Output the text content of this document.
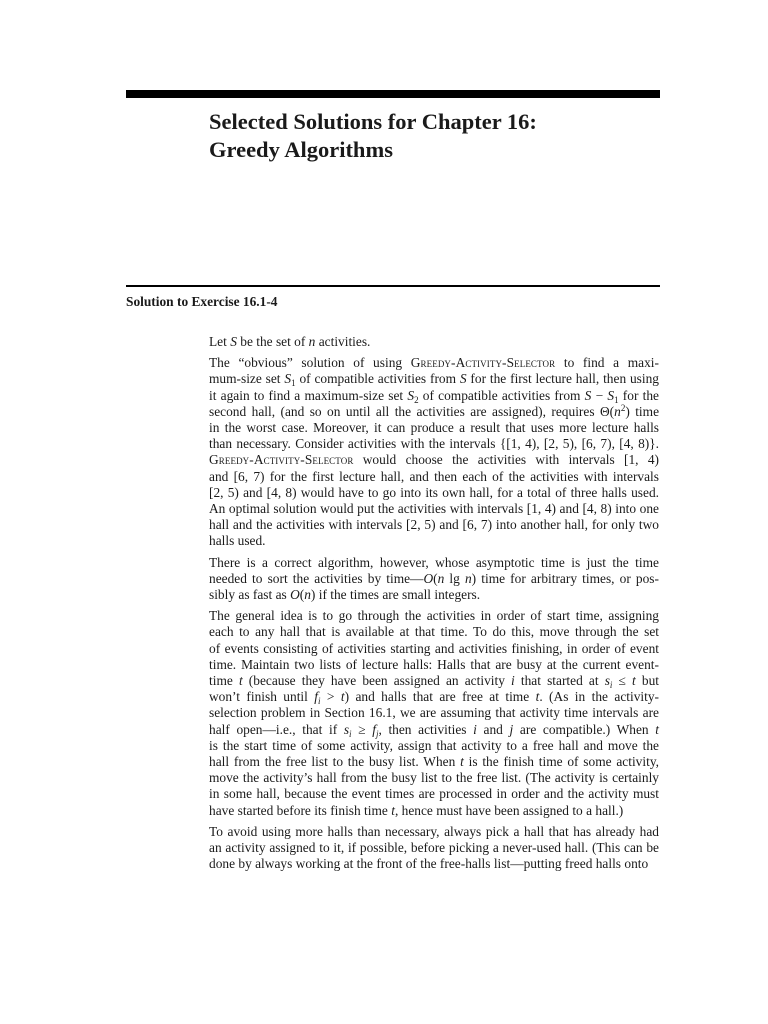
Selected Solutions for Chapter 16:
Greedy Algorithms
Solution to Exercise 16.1-4

Let S be the set of n activities.

The “obvious” solution of using Greedy-Activity-Selector to find a maxi-
mum-size set $S_1$ of compatible activities from S for the first lecture hall, then using
it again to find a maximum-size set $S_2$ of compatible activities from $S - S_1$ for the
second hall, (and so on until all the activities are assigned), requires $\Theta(n^2)$ time
in the worst case. Moreover, it can produce a result that uses more lecture halls
than necessary. Consider activities with the intervals {[1, 4), [2, 5), [6, 7), [4, 8)}.
Greedy-Activity-Selector would choose the activities with intervals [1, 4)
and [6, 7) for the first lecture hall, and then each of the activities with intervals
[2, 5) and [4, 8) would have to go into its own hall, for a total of three halls used.
An optimal solution would put the activities with intervals [1, 4) and [4, 8) into one
hall and the activities with intervals [2, 5) and [6, 7) into another hall, for only two
halls used.

There is a correct algorithm, however, whose asymptotic time is just the time
needed to sort the activities by time—O(n lg n) time for arbitrary times, or pos-
sibly as fast as O(n) if the times are small integers.

The general idea is to go through the activities in order of start time, assigning
each to any hall that is available at that time. To do this, move through the set
of events consisting of activities starting and activities finishing, in order of event
time. Maintain two lists of lecture halls: Halls that are busy at the current event-
time t (because they have been assigned an activity i that started at $s_i \le t$ but
won’t finish until $f_i > t$) and halls that are free at time t. (As in the activity-
selection problem in Section 16.1, we are assuming that activity time intervals are
half open—i.e., that if $s_i \ge f_j$, then activities i and j are compatible.) When t
is the start time of some activity, assign that activity to a free hall and move the
hall from the free list to the busy list. When t is the finish time of some activity,
move the activity’s hall from the busy list to the free list. (The activity is certainly
in some hall, because the event times are processed in order and the activity must
have started before its finish time t, hence must have been assigned to a hall.)

To avoid using more halls than necessary, always pick a hall that has already had
an activity assigned to it, if possible, before picking a never-used hall. (This can be
done by always working at the front of the free-halls list—putting freed halls onto
